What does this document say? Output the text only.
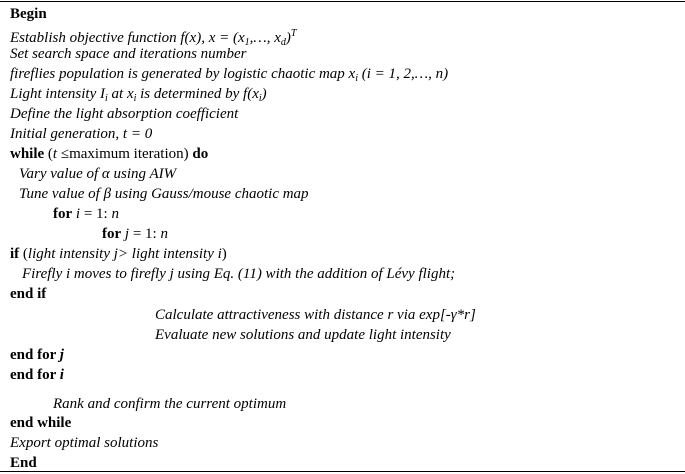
Begin
Establish objective function f(x), $x = (x_1,\dots$, $x_d)^T$
Set search space and iterations number
fireflies population is generated by logistic chaotic map $x_i$ (i = 1, 2,…, n)
Light intensity $I_i$ at $x_i$ is determined by $f(x_i)$
Define the light absorption coefficient
Initial generation, t = 0
while (t ≤maximum iteration) do
Vary value of α using AIW
Tune value of β using Gauss/mouse chaotic map
for i = 1: n
for j = 1: n
if (light intensity j> light intensity i)
Firefly i moves to firefly j using Eq. (11) with the addition of Lévy flight;
end if
Calculate attractiveness with distance r via exp[-γ*r]
Evaluate new solutions and update light intensity
end for j
end for i
Rank and confirm the current optimum
end while
Export optimal solutions
End
